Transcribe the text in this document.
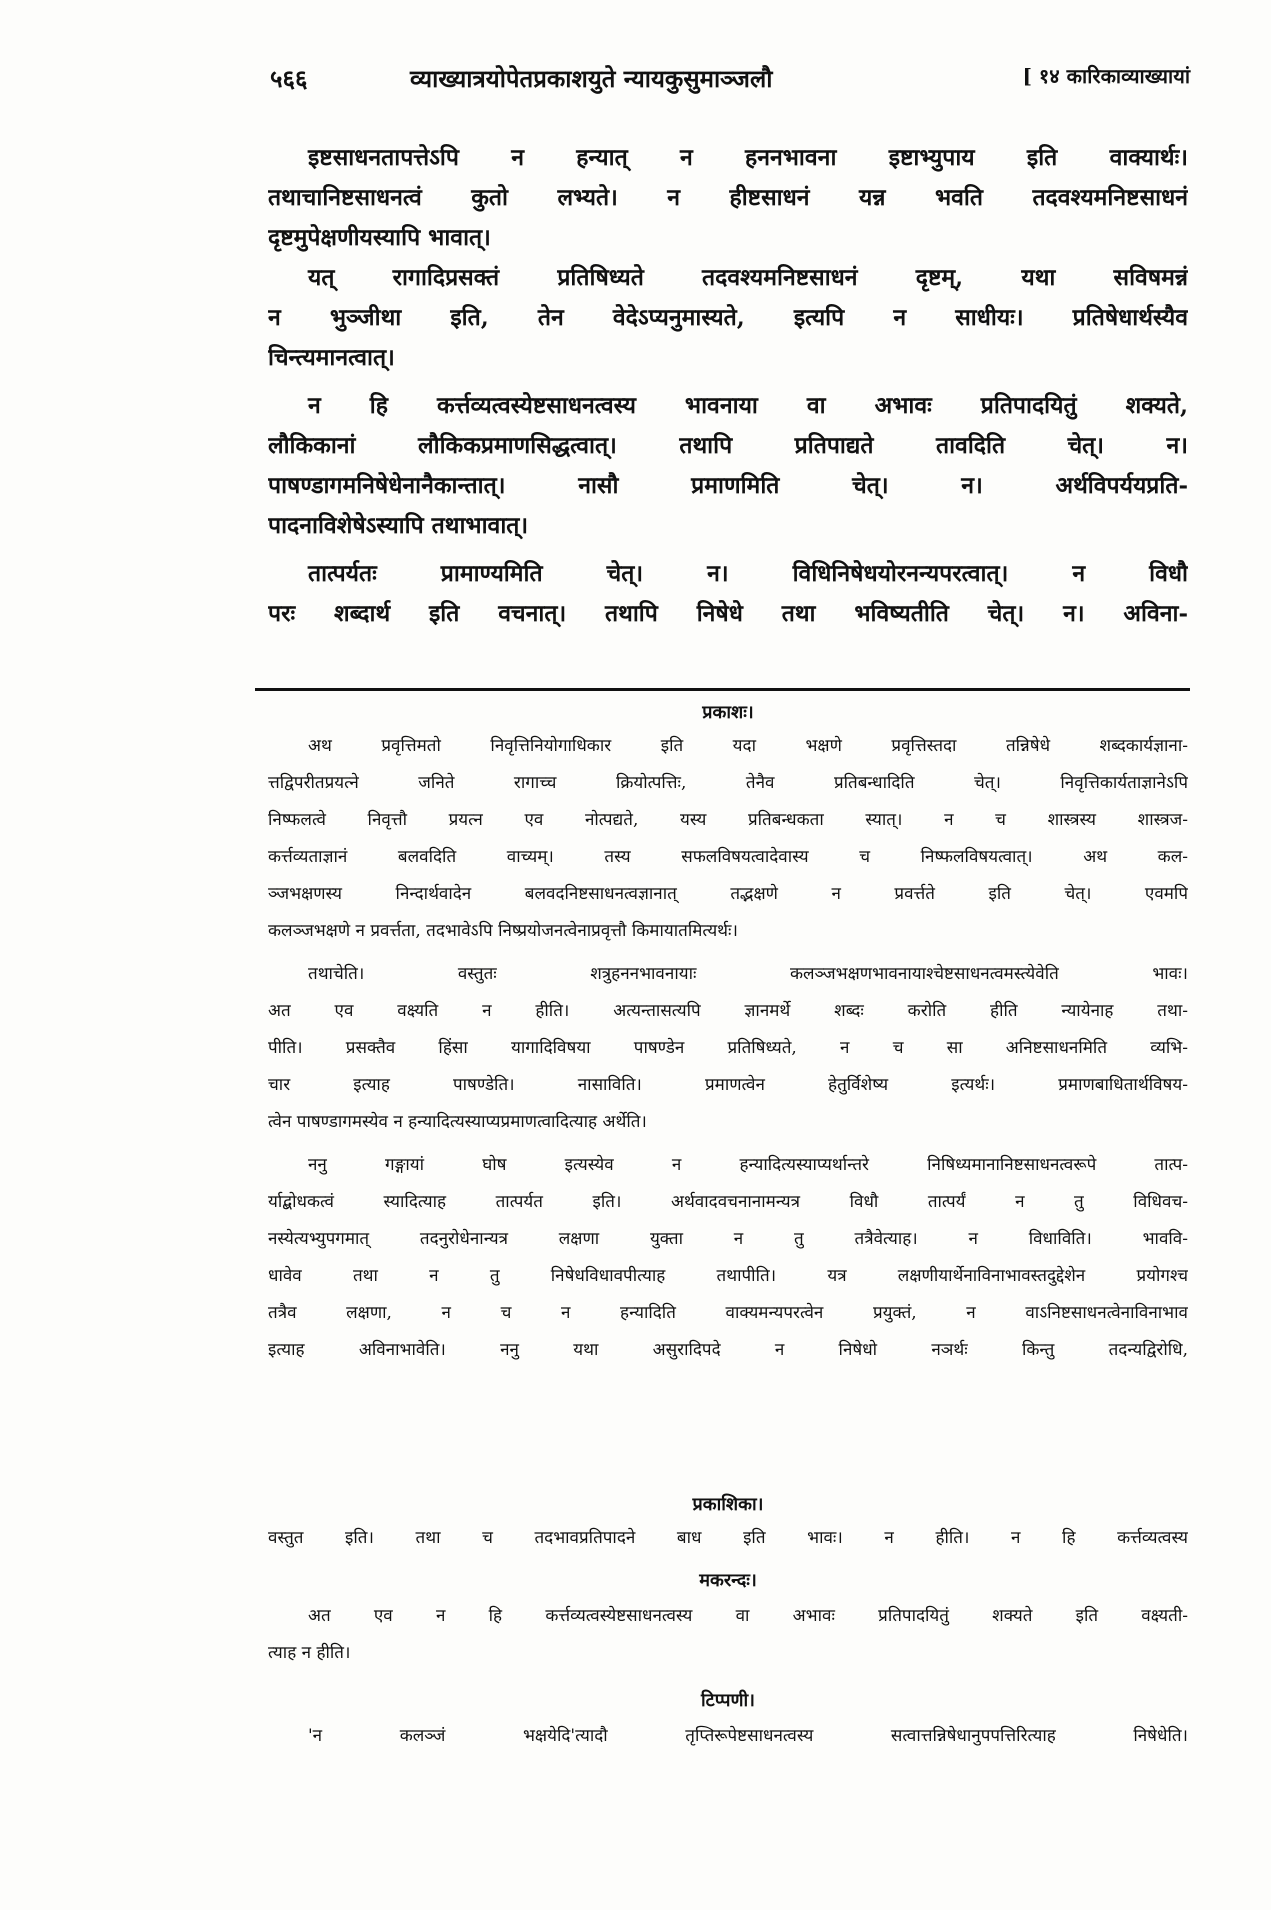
५६६	व्याख्यात्रयोपेतप्रकाशयुते न्यायकुसुमाञ्जलौ	[ १४ कारिकाव्याख्यायां
इष्टसाधनतापत्तेऽपि न हन्यात् न हननभावना इष्टाभ्युपाय इति वाक्यार्थः।
तथाचानिष्टसाधनत्वं कुतो लभ्यते। न हीष्टसाधनं यन्न भवति तदवश्यमनिष्टसाधनं
दृष्टमुपेक्षणीयस्यापि भावात्।
यत् रागादिप्रसक्तं प्रतिषिध्यते तदवश्यमनिष्टसाधनं दृष्टम्, यथा सविषमन्नं
न भुञ्जीथा इति, तेन वेदेऽप्यनुमास्यते, इत्यपि न साधीयः। प्रतिषेधार्थस्यैव
चिन्त्यमानत्वात्।
न हि कर्त्तव्यत्वस्येष्टसाधनत्वस्य भावनाया वा अभावः प्रतिपादयितुं शक्यते,
लौकिकानां लौकिकप्रमाणसिद्धत्वात्। तथापि प्रतिपाद्यते तावदिति चेत्। न।
पाषण्डागमनिषेधेनानैकान्तात्। नासौ प्रमाणमिति चेत्। न। अर्थविपर्ययप्रति-
पादनाविशेषेऽस्यापि तथाभावात्।
तात्पर्यतः प्रामाण्यमिति चेत्। न। विधिनिषेधयोरनन्यपरत्वात्। न विधौ
परः शब्दार्थ इति वचनात्। तथापि निषेधे तथा भविष्यतीति चेत्। न। अविना-
प्रकाशः।
अथ प्रवृत्तिमतो निवृत्तिनियोगाधिकार इति यदा भक्षणे प्रवृत्तिस्तदा तन्निषेधे शब्दकार्यज्ञाना-
त्तद्विपरीतप्रयत्ने जनिते रागाच्च क्रियोत्पत्तिः, तेनैव प्रतिबन्धादिति चेत्। निवृत्तिकार्यताज्ञानेऽपि
निष्फलत्वे निवृत्तौ प्रयत्न एव नोत्पद्यते, यस्य प्रतिबन्धकता स्यात्। न च शास्त्रस्य शास्त्रज-
कर्त्तव्यताज्ञानं बलवदिति वाच्यम्। तस्य सफलविषयत्वादेवास्य च निष्फलविषयत्वात्। अथ कल-
ञ्जभक्षणस्य निन्दार्थवादेन बलवदनिष्टसाधनत्वज्ञानात् तद्भक्षणे न प्रवर्त्तते इति चेत्। एवमपि
कलञ्जभक्षणे न प्रवर्त्तता, तदभावेऽपि निष्प्रयोजनत्वेनाप्रवृत्तौ किमायातमित्यर्थः।
तथाचेति। वस्तुतः शत्रुहननभावनायाः कलञ्जभक्षणभावनायाश्चेष्टसाधनत्वमस्त्येवेति भावः।
अत एव वक्ष्यति न हीति। अत्यन्तासत्यपि ज्ञानमर्थे शब्दः करोति हीति न्यायेनाह तथा-
पीति। प्रसक्तैव हिंसा यागादिविषया पाषण्डेन प्रतिषिध्यते, न च सा अनिष्टसाधनमिति व्यभि-
चार इत्याह पाषण्डेति। नासाविति। प्रमाणत्वेन हेतुर्विशेष्य इत्यर्थः। प्रमाणबाधितार्थविषय-
त्वेन पाषण्डागमस्येव न हन्यादित्यस्याप्यप्रमाणत्वादित्याह अर्थेति।
ननु गङ्गायां घोष इत्यस्येव न हन्यादित्यस्याप्यर्थान्तरे निषिध्यमानानिष्टसाधनत्वरूपे तात्प-
र्याद्बोधकत्वं स्यादित्याह तात्पर्यत इति। अर्थवादवचनानामन्यत्र विधौ तात्पर्यं न तु विधिवच-
नस्येत्यभ्युपगमात् तदनुरोधेनान्यत्र लक्षणा युक्ता न तु तत्रैवेत्याह। न विधाविति। भाववि-
धावेव तथा न तु निषेधविधावपीत्याह तथापीति। यत्र लक्षणीयार्थेनाविनाभावस्तदुद्देशेन प्रयोगश्च
तत्रैव लक्षणा, न च न हन्यादिति वाक्यमन्यपरत्वेन प्रयुक्तं, न वाऽनिष्टसाधनत्वेनाविनाभाव
इत्याह अविनाभावेति। ननु यथा असुरादिपदे न निषेधो नञर्थः किन्तु तदन्यद्विरोधि,
प्रकाशिका।
वस्तुत इति। तथा च तदभावप्रतिपादने बाध इति भावः। न हीति। न हि कर्त्तव्यत्वस्य
मकरन्दः।
अत एव न हि कर्त्तव्यत्वस्येष्टसाधनत्वस्य वा अभावः प्रतिपादयितुं शक्यते इति वक्ष्यती-
त्याह न हीति।
टिप्पणी।
'न कलञ्जं भक्षयेदि'त्यादौ तृप्तिरूपेष्टसाधनत्वस्य सत्वात्तन्निषेधानुपपत्तिरित्याह निषेधेति।
